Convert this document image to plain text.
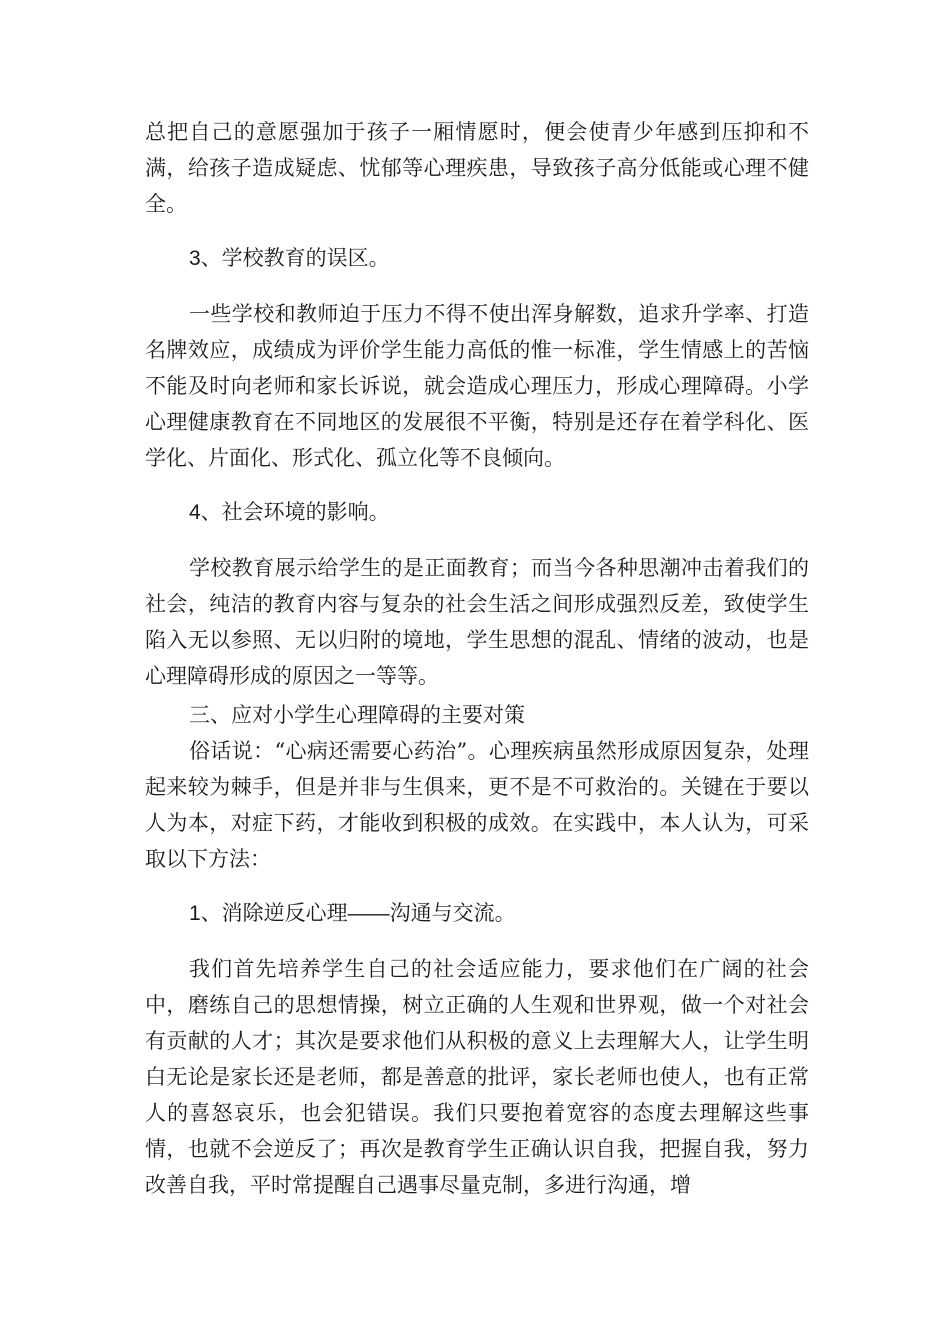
总把自己的意愿强加于孩子一厢情愿时，便会使青少年感到压抑和不满，给孩子造成疑虑、忧郁等心理疾患，导致孩子高分低能或心理不健全。

3、学校教育的误区。

一些学校和教师迫于压力不得不使出浑身解数，追求升学率、打造名牌效应，成绩成为评价学生能力高低的惟一标准，学生情感上的苦恼不能及时向老师和家长诉说，就会造成心理压力，形成心理障碍。小学心理健康教育在不同地区的发展很不平衡，特别是还存在着学科化、医学化、片面化、形式化、孤立化等不良倾向。

4、社会环境的影响。

学校教育展示给学生的是正面教育；而当今各种思潮冲击着我们的社会，纯洁的教育内容与复杂的社会生活之间形成强烈反差，致使学生陷入无以参照、无以归附的境地，学生思想的混乱、情绪的波动，也是心理障碍形成的原因之一等等。

三、应对小学生心理障碍的主要对策

俗话说：“心病还需要心药治”。心理疾病虽然形成原因复杂，处理起来较为棘手，但是并非与生俱来，更不是不可救治的。关键在于要以人为本，对症下药，才能收到积极的成效。在实践中，本人认为，可采取以下方法：

1、消除逆反心理——沟通与交流。

我们首先培养学生自己的社会适应能力，要求他们在广阔的社会中，磨练自己的思想情操，树立正确的人生观和世界观，做一个对社会有贡献的人才；其次是要求他们从积极的意义上去理解大人，让学生明白无论是家长还是老师，都是善意的批评，家长老师也使人，也有正常人的喜怒哀乐，也会犯错误。我们只要抱着宽容的态度去理解这些事情，也就不会逆反了；再次是教育学生正确认识自我，把握自我，努力改善自我，平时常提醒自己遇事尽量克制，多进行沟通，增
